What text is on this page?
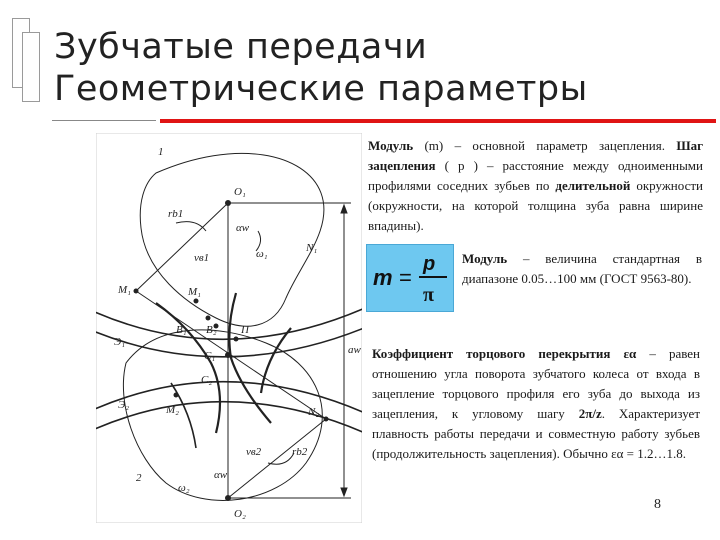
Зубчатые передачи
Геометрические параметры
1
2
O₁
O₂
rb1
rb2
αw
αw
ω₁
ω₂
νв1
νв2
M₁	M₁
M₂
B₁ B₂
C₁
C₂
П
N₁
N₂
Э₁
Э₂
aw
Модуль (m) – основной параметр зацепления. Шаг зацепления ( p ) – расстояние между одноименными профилями соседних зубьев по делительной окружности (окружности, на которой толщина зуба равна ширине впадины).
m =
p
π
Модуль – величина стандартная в диапазоне 0.05…100 мм (ГОСТ 9563-80).
Коэффициент торцового перекрытия εα – равен отношению угла поворота зубчатого колеса от входа в зацепление торцового профиля его зуба до выхода из зацепления, к угловому шагу 2π/z. Характеризует плавность работы передачи и совместную работу зубьев (продолжительность зацепления). Обычно εα = 1.2…1.8.
8
